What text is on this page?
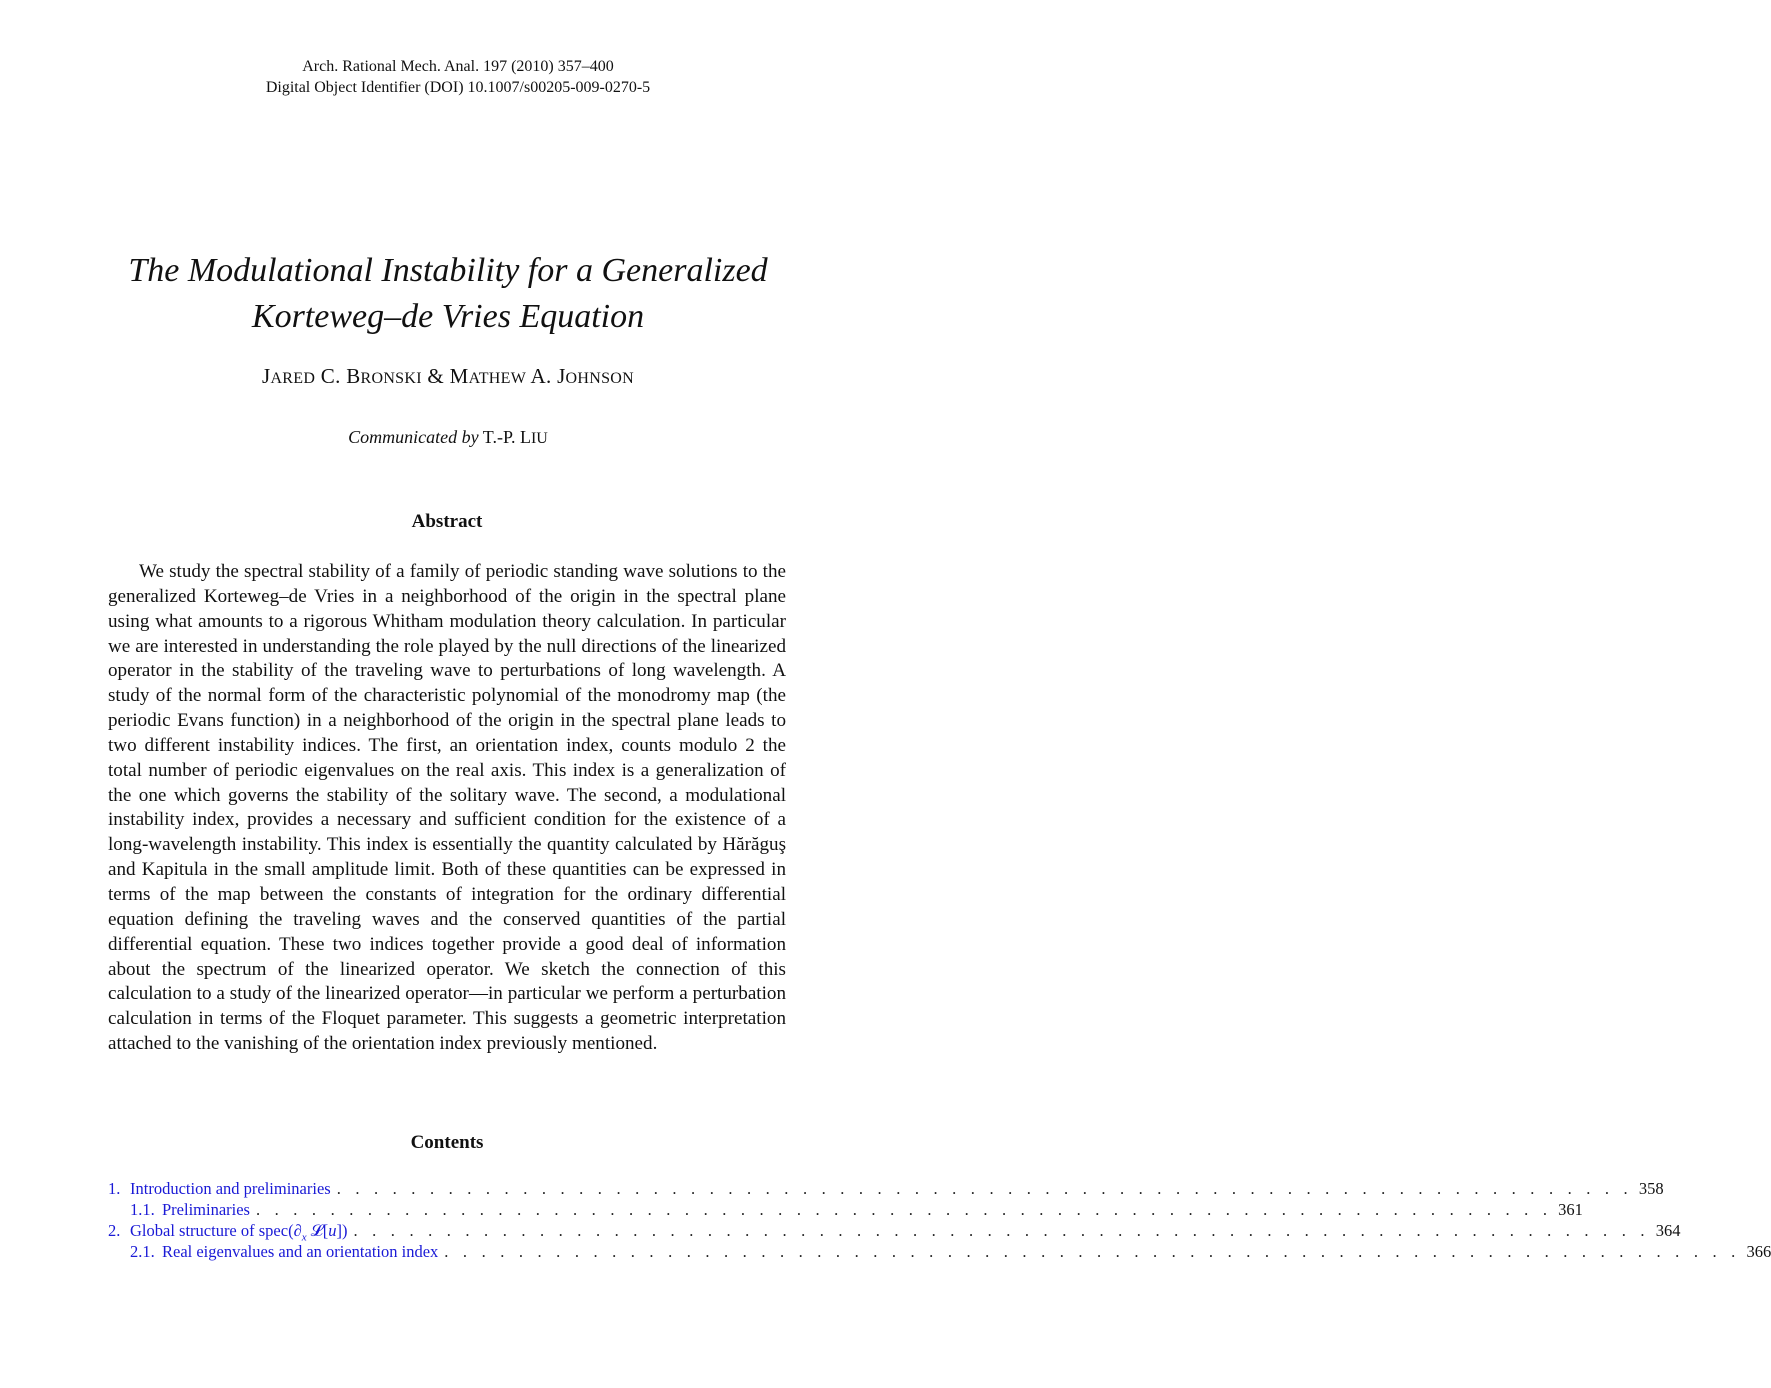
Arch. Rational Mech. Anal. 197 (2010) 357–400
Digital Object Identifier (DOI) 10.1007/s00205-009-0270-5
The Modulational Instability for a Generalized
Korteweg–de Vries Equation
JARED C. BRONSKI & MATHEW A. JOHNSON
Communicated by T.-P. LIU
Abstract
We study the spectral stability of a family of periodic standing wave solutions to the generalized Korteweg–de Vries in a neighborhood of the origin in the spectral plane using what amounts to a rigorous Whitham modulation theory calculation. In particular we are interested in understanding the role played by the null directions of the linearized operator in the stability of the traveling wave to perturbations of long wavelength. A study of the normal form of the characteristic polynomial of the monodromy map (the periodic Evans function) in a neighborhood of the origin in the spectral plane leads to two different instability indices. The first, an orientation index, counts modulo 2 the total number of periodic eigenvalues on the real axis. This index is a generalization of the one which governs the stability of the solitary wave. The second, a modulational instability index, provides a necessary and sufficient condition for the existence of a long-wavelength instability. This index is essentially the quantity calculated by Hărăguş and Kapitula in the small amplitude limit. Both of these quantities can be expressed in terms of the map between the constants of integration for the ordinary differential equation defining the traveling waves and the conserved quantities of the partial differential equation. These two indices together provide a good deal of information about the spectrum of the linearized operator. We sketch the connection of this calculation to a study of the linearized operator—in particular we perform a perturbation calculation in terms of the Floquet parameter. This suggests a geometric interpretation attached to the vanishing of the orientation index previously mentioned.
Contents
1. Introduction and preliminaries . . . . . . . . . . . . . . . . . . . . . . . . . . . . . . . . . . . . . . . . . . . . . . . . . . . . . . . . . . . . . . . . . . . . . . 358
1.1. Preliminaries . . . . . . . . . . . . . . . . . . . . . . . . . . . . . . . . . . . . . . . . . . . . . . . . . . . . . . . . . . . . . . . . . . . . . . 361
2. Global structure of $spec(\partial_x$ 𝓛[u]) . . . . . . . . . . . . . . . . . . . . . . . . . . . . . . . . . . . . . . . . . . . . . . . . . . . . . . . . . . . . . . . . . . . . . . 364
2.1. Real eigenvalues and an orientation index . . . . . . . . . . . . . . . . . . . . . . . . . . . . . . . . . . . . . . . . . . . . . . . . . . . . . . . . . . . . . . . . . . . . . . 366
